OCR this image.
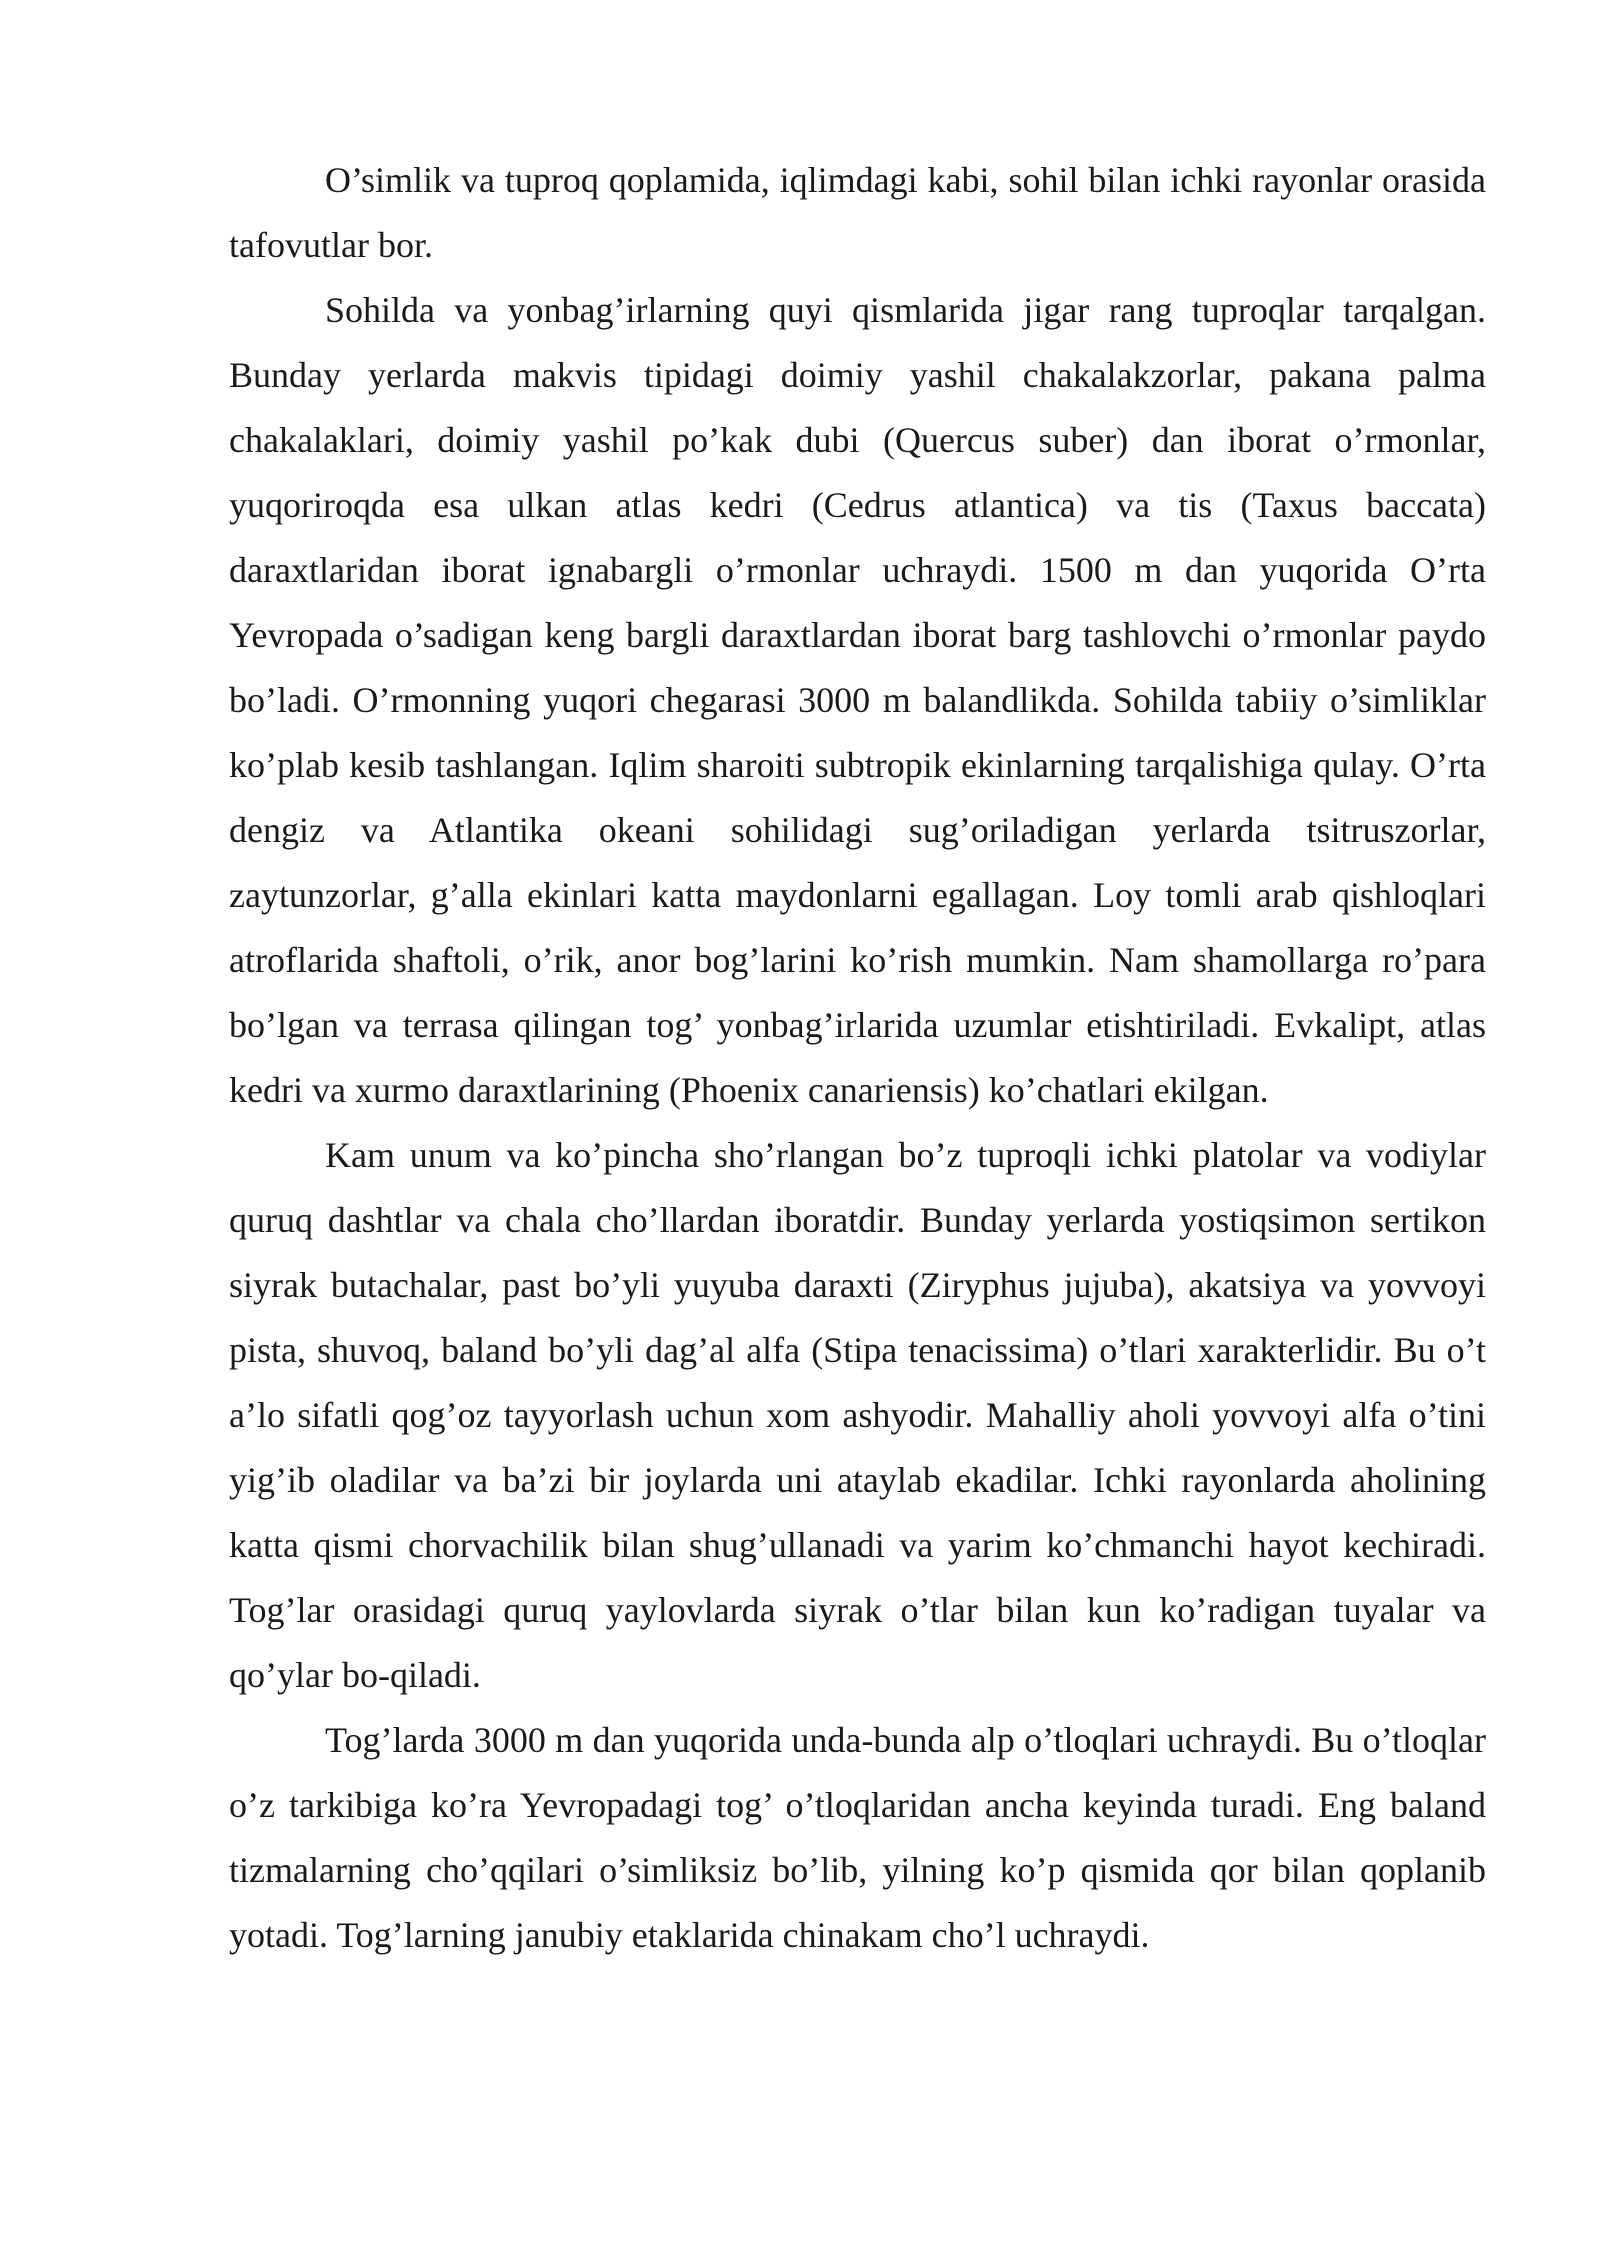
O’simlik va tuproq qoplamida, iqlimdagi kabi, sohil bilan ichki rayonlar orasida tafovutlar bor.

Sohilda va yonbag’irlarning quyi qismlarida jigar rang tuproqlar tarqalgan. Bunday yerlarda makvis tipidagi doimiy yashil chakalakzorlar, pakana palma chakalaklari, doimiy yashil po’kak dubi (Quercus suber) dan iborat o’rmonlar, yuqoriroqda esa ulkan atlas kedri (Cedrus atlantica) va tis (Taxus baccata) daraxtlaridan iborat ignabargli o’rmonlar uchraydi. 1500 m dan yuqorida O’rta Yevropada o’sadigan keng bargli daraxtlardan iborat barg tashlovchi o’rmonlar paydo bo’ladi. O’rmonning yuqori chegarasi 3000 m balandlikda. Sohilda tabiiy o’simliklar ko’plab kesib tashlangan. Iqlim sharoiti subtropik ekinlarning tarqalishiga qulay. O’rta dengiz va Atlantika okeani sohilidagi sug’oriladigan yerlarda tsitruszorlar, zaytunzorlar, g’alla ekinlari katta maydonlarni egallagan. Loy tomli arab qishloqlari atroflarida shaftoli, o’rik, anor bog’larini ko’rish mumkin. Nam shamollarga ro’para bo’lgan va terrasa qilingan tog’ yonbag’irlarida uzumlar etishtiriladi. Evkalipt, atlas kedri va xurmo daraxtlarining (Phoenix canariensis) ko’chatlari ekilgan.

Kam unum va ko’pincha sho’rlangan bo’z tuproqli ichki platolar va vodiylar quruq dashtlar va chala cho’llardan iboratdir. Bunday yerlarda yostiqsimon sertikon siyrak butachalar, past bo’yli yuyuba daraxti (Ziryphus jujuba), akatsiya va yovvoyi pista, shuvoq, baland bo’yli dag’al alfa (Stipa tenacissima) o’tlari xarakterlidir. Bu o’t a’lo sifatli qog’oz tayyorlash uchun xom ashyodir. Mahalliy aholi yovvoyi alfa o’tini yig’ib oladilar va ba’zi bir joylarda uni ataylab ekadilar. Ichki rayonlarda aholining katta qismi chorvachilik bilan shug’ullanadi va yarim ko’chmanchi hayot kechiradi. Tog’lar orasidagi quruq yaylovlarda siyrak o’tlar bilan kun ko’radigan tuyalar va qo’ylar bo-qiladi.

Tog’larda 3000 m dan yuqorida unda-bunda alp o’tloqlari uchraydi. Bu o’tloqlar o’z tarkibiga ko’ra Yevropadagi tog’ o’tloqlaridan ancha keyinda turadi. Eng baland tizmalarning cho’qqilari o’simliksiz bo’lib, yilning ko’p qismida qor bilan qoplanib yotadi. Tog’larning janubiy etaklarida chinakam cho’l uchraydi.
